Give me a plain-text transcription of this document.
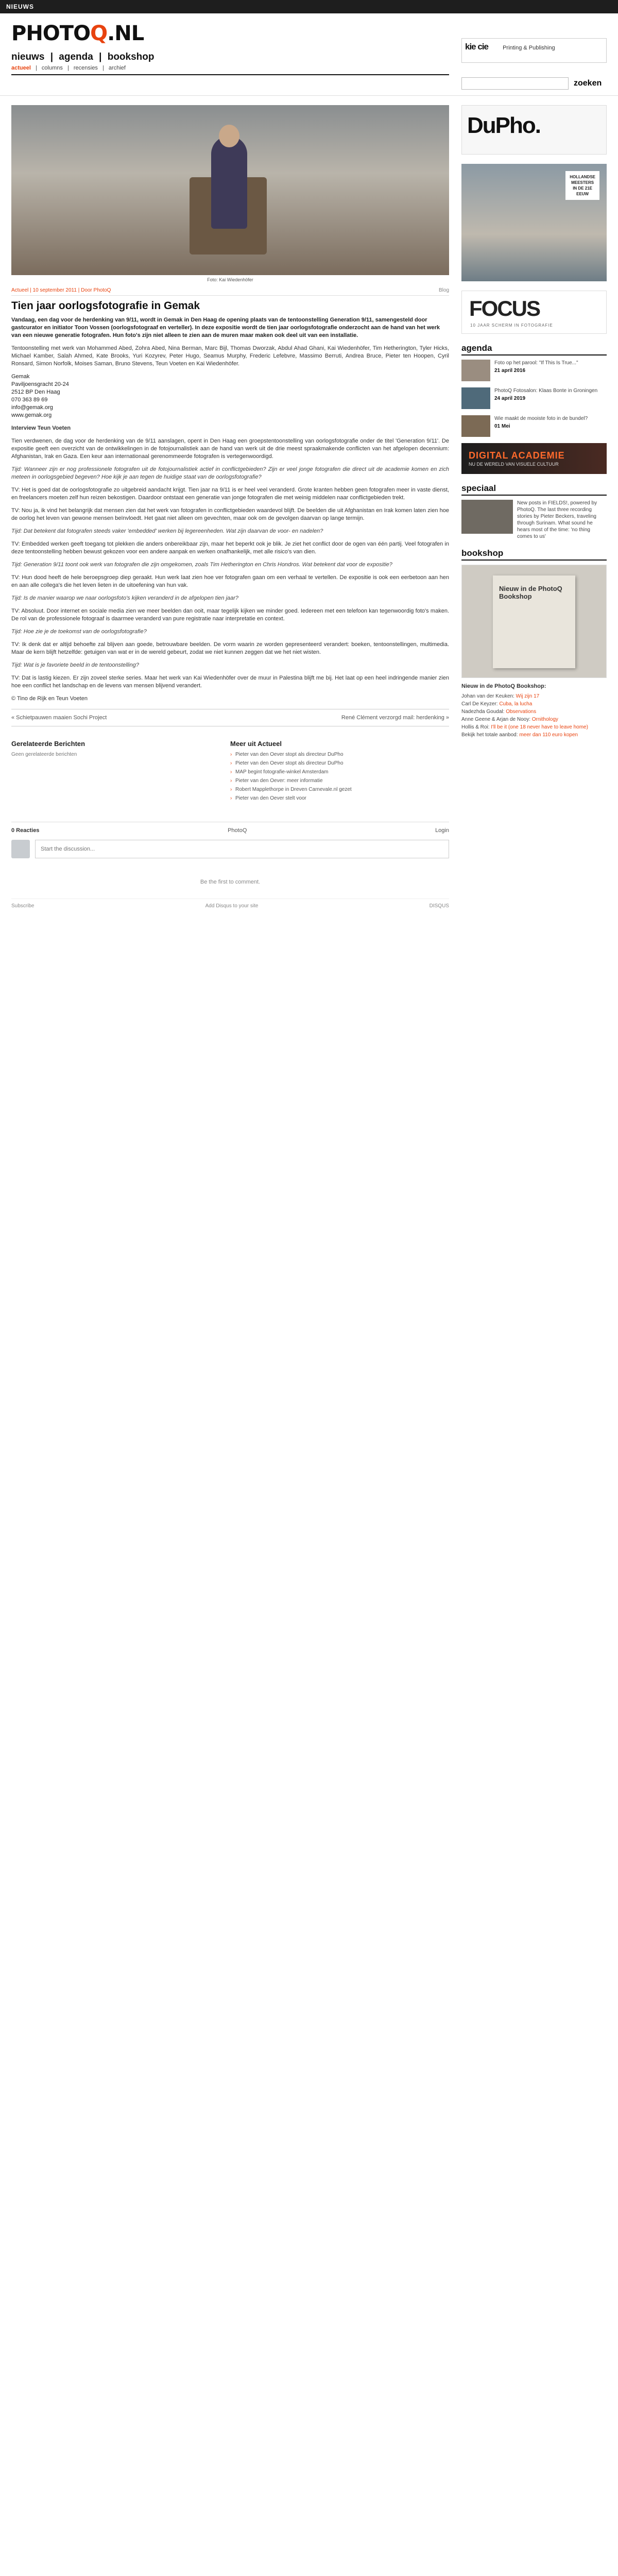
NIEUWS
PHOTOQ.NL
nieuws | agenda | bookshop
actueel | columns | recensies | archief
kie cie	Printing & Publishing
zoeken
Foto: Kai Wiedenhöfer
Actueel | 10 september 2011 | Door PhotoQ	Blog
Tien jaar oorlogsfotografie in Gemak

Vandaag, een dag voor de herdenking van 9/11, wordt in Gemak in Den Haag de opening plaats van de tentoonstelling Generation 9/11, samengesteld door gastcurator en initiator Toon Vossen (oorlogsfotograaf en verteller). In deze expositie wordt de tien jaar oorlogsfotografie onderzocht aan de hand van het werk van een nieuwe generatie fotografen. Hun foto's zijn niet alleen te zien aan de muren maar maken ook deel uit van een installatie.

Tentoonstelling met werk van Mohammed Abed, Zohra Abed, Nina Berman, Marc Bijl, Thomas Dworzak, Abdul Ahad Ghani, Kai Wiedenhöfer, Tim Hetherington, Tyler Hicks, Michael Kamber, Salah Ahmed, Kate Brooks, Yuri Kozyrev, Peter Hugo, Seamus Murphy, Frederic Lefebvre, Massimo Berruti, Andrea Bruce, Pieter ten Hoopen, Cyril Ronsard, Simon Norfolk, Moises Saman, Bruno Stevens, Teun Voeten en Kai Wiedenhöfer.

Gemak
Paviljoensgracht 20-24
2512 BP Den Haag
070 363 89 69
info@gemak.org
www.gemak.org

Interview Teun Voeten

Tien verdwenen, de dag voor de herdenking van de 9/11 aanslagen, opent in Den Haag een groepstentoonstelling van oorlogsfotografie onder de titel 'Generation 9/11'. De expositie geeft een overzicht van de ontwikkelingen in de fotojournalistiek aan de hand van werk uit de drie meest spraakmakende conflicten van het afgelopen decennium: Afghanistan, Irak en Gaza. Een keur aan internationaal gerenommeerde fotografen is vertegenwoordigd.

Tijd: Wanneer zijn er nog professionele fotografen uit de fotojournalistiek actief in conflictgebieden? Zijn er veel jonge fotografen die direct uit de academie komen en zich meteen in oorlogsgebied begeven? Hoe kijk je aan tegen de huidige staat van de oorlogsfotografie?

TV: Het is goed dat de oorlogsfotografie zo uitgebreid aandacht krijgt. Tien jaar na 9/11 is er heel veel veranderd. Grote kranten hebben geen fotografen meer in vaste dienst, en freelancers moeten zelf hun reizen bekostigen. Daardoor ontstaat een generatie van jonge fotografen die met weinig middelen naar conflictgebieden trekt.

TV: Nou ja, ik vind het belangrijk dat mensen zien dat het werk van fotografen in conflictgebieden waardevol blijft. De beelden die uit Afghanistan en Irak komen laten zien hoe de oorlog het leven van gewone mensen beïnvloedt. Het gaat niet alleen om gevechten, maar ook om de gevolgen daarvan op lange termijn.

Tijd: Dat betekent dat fotografen steeds vaker 'embedded' werken bij legereenheden. Wat zijn daarvan de voor- en nadelen?

TV: Embedded werken geeft toegang tot plekken die anders onbereikbaar zijn, maar het beperkt ook je blik. Je ziet het conflict door de ogen van één partij. Veel fotografen in deze tentoonstelling hebben bewust gekozen voor een andere aanpak en werken onafhankelijk, met alle risico's van dien.

Tijd: Generation 9/11 toont ook werk van fotografen die zijn omgekomen, zoals Tim Hetherington en Chris Hondros. Wat betekent dat voor de expositie?

TV: Hun dood heeft de hele beroepsgroep diep geraakt. Hun werk laat zien hoe ver fotografen gaan om een verhaal te vertellen. De expositie is ook een eerbetoon aan hen en aan alle collega's die het leven lieten in de uitoefening van hun vak.

Tijd: Is de manier waarop we naar oorlogsfoto's kijken veranderd in de afgelopen tien jaar?

TV: Absoluut. Door internet en sociale media zien we meer beelden dan ooit, maar tegelijk kijken we minder goed. Iedereen met een telefoon kan tegenwoordig foto's maken. De rol van de professionele fotograaf is daarmee veranderd van pure registratie naar interpretatie en context.

Tijd: Hoe zie je de toekomst van de oorlogsfotografie?

TV: Ik denk dat er altijd behoefte zal blijven aan goede, betrouwbare beelden. De vorm waarin ze worden gepresenteerd verandert: boeken, tentoonstellingen, multimedia. Maar de kern blijft hetzelfde: getuigen van wat er in de wereld gebeurt, zodat we niet kunnen zeggen dat we het niet wisten.

Tijd: Wat is je favoriete beeld in de tentoonstelling?

TV: Dat is lastig kiezen. Er zijn zoveel sterke series. Maar het werk van Kai Wiedenhöfer over de muur in Palestina blijft me bij. Het laat op een heel indringende manier zien hoe een conflict het landschap en de levens van mensen blijvend verandert.

© Tino de Rijk en Teun Voeten

« Schietpauwen maaien Sochi Project	René Clément verzorgd mail: herdenking »
Gerelateerde Berichten
Geen gerelateerde berichten
Meer uit Actueel
› Pieter van den Oever stopt als directeur DuPho
› Pieter van den Oever stopt als directeur DuPho
› MAP begint fotografie-winkel Amsterdam
› Pieter van den Oever: meer informatie
› Robert Mapplethorpe in Dreven Carnevale.nl gezet
› Pieter van den Oever stelt voor
0 Reacties	PhotoQ	Login
Start the discussion...
Be the first to comment.
Subscribe	Add Disqus to your site	DISQUS
DuPho.
HOLLANDSE
MEESTERS
IN DE 21E
EEUW
FOCUS
10 JAAR SCHERM IN FOTOGRAFIE
agenda
Foto op het parool: "If This Is True..."
21 april 2016
PhotoQ Fotosalon: Klaas Bonte in Groningen
24 april 2019
Wie maakt de mooiste foto in de bundel?
01 Mei
DIGITAL ACADEMIE
NU DE WERELD VAN VISUELE CULTUUR
speciaal
New posts in FIELDS!, powered by PhotoQ. The last three recording stories by Pieter Beckers, traveling through Surinam. What sound he hears most of the time: 'no thing comes to us'
bookshop
Nieuw in de PhotoQ Bookshop
Nieuw in de PhotoQ Bookshop:
Johan van der Keuken: Wij zijn 17
Carl De Keyzer: Cuba, la lucha
Nadezhda Goudal: Observations
Anne Geene & Arjan de Nooy: Ornithology
Hollis & Roi: I'll be it (one 18 never have to leave home)
Bekijk het totale aanbod: meer dan 110 euro kopen
